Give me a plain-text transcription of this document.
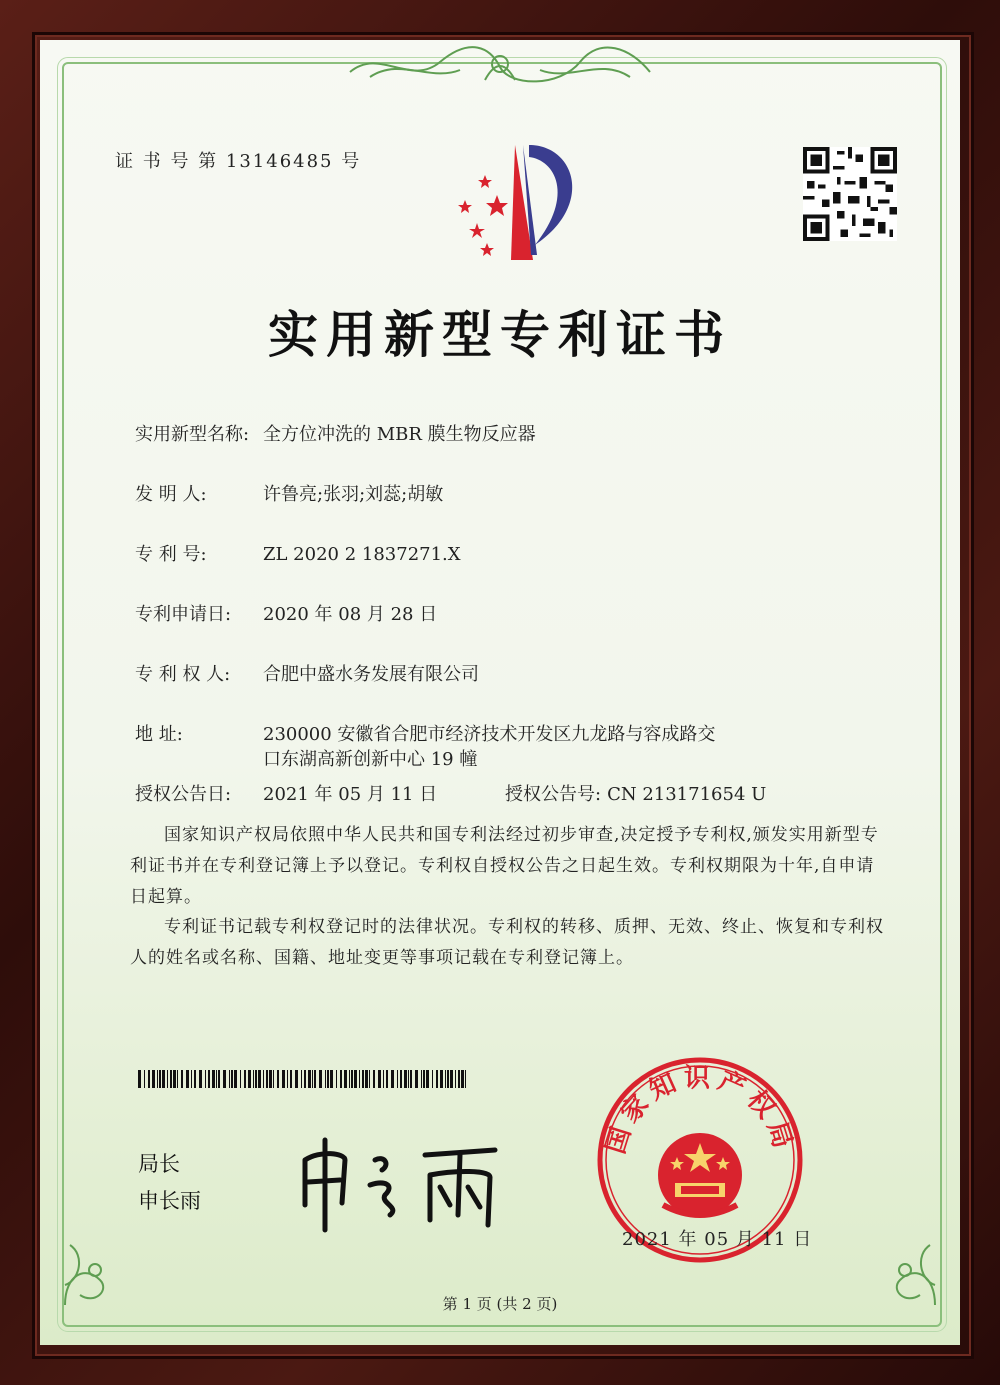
证 书 号 第 13146485 号
实用新型专利证书
实用新型名称: 全方位冲洗的 MBR 膜生物反应器
发 明 人:	许鲁亮;张羽;刘蕊;胡敏
专 利 号:	ZL 2020 2 1837271.X
专利申请日: 2020 年 08 月 28 日
专 利 权 人: 合肥中盛水务发展有限公司
地 址:	230000 安徽省合肥市经济技术开发区九龙路与容成路交
口东湖高新创新中心 19 幢
授权公告日: 2021 年 05 月 11 日	授权公告号: CN 213171654 U
国家知识产权局依照中华人民共和国专利法经过初步审查,决定授予专利权,颁发实用新型专利证书并在专利登记簿上予以登记。专利权自授权公告之日起生效。专利权期限为十年,自申请日起算。
专利证书记载专利权登记时的法律状况。专利权的转移、质押、无效、终止、恢复和专利权人的姓名或名称、国籍、地址变更等事项记载在专利登记簿上。
局长
申长雨
国家知识产权局
2021 年 05 月 11 日
第 1 页 (共 2 页)
